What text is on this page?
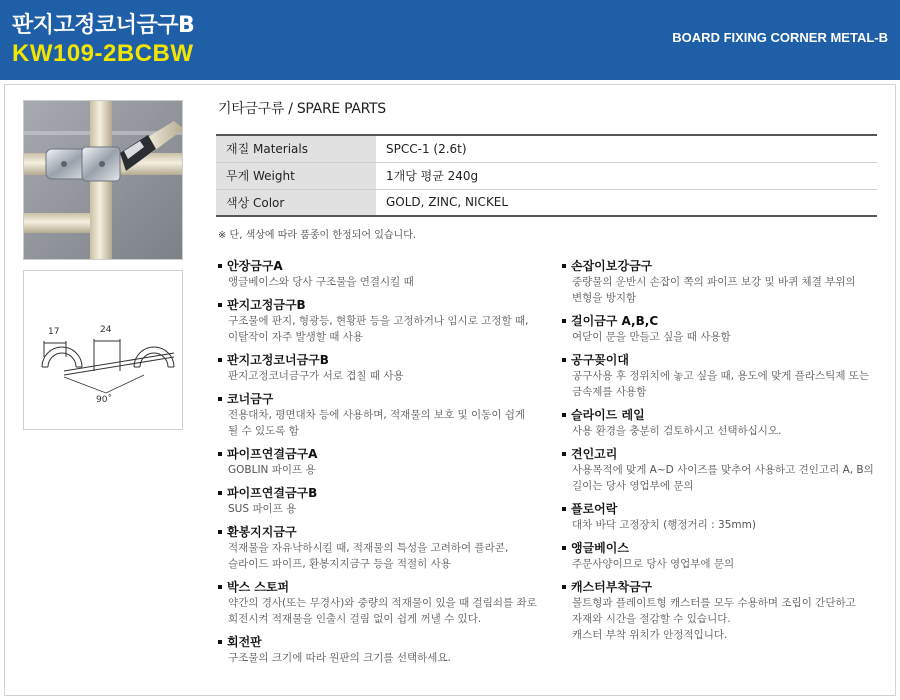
판지고정코너금구B
KW109-2BCBW
BOARD FIXING CORNER METAL-B
17	24
90˚
기타금구류 / SPARE PARTS
재질 Materials	SPCC-1 (2.6t)
무게 Weight	1개당 평균 240g
색상 Color	GOLD, ZINC, NICKEL
※ 단, 색상에 따라 품종이 한정되어 있습니다.
안장금구A
앵글베이스와 당사 구조물을 연결시킬 때
판지고정금구B
구조물에 판지, 형광등, 현황판 등을 고정하거나 임시로 고정할 때,
이탈작이 자주 발생할 때 사용
판지고정코너금구B
판지고정코너금구가 서로 겹칠 때 사용
코너금구
전용대차, 평면대차 등에 사용하며, 적재물의 보호 및 이동이 쉽게
될 수 있도록 함
파이프연결금구A
GOBLIN 파이프 용
파이프연결금구B
SUS 파이프 용
환봉지지금구
적재물을 자유낙하시킬 때, 적재물의 특성을 고려하여 플라콘,
슬라이드 파이프, 환봉지지금구 등을 적절히 사용
박스 스토퍼
약간의 경사(또는 무경사)와 중량의 적재물이 있을 때 걸림쇠를 좌로
회전시켜 적재물을 인출시 걸림 없이 쉽게 꺼낼 수 있다.
회전판
구조물의 크기에 따라 원판의 크기를 선택하세요.
손잡이보강금구
중량물의 운반시 손잡이 쪽의 파이프 보강 및 바퀴 체결 부위의
변형을 방지함
걸이금구 A,B,C
여닫이 문을 만들고 싶을 때 사용함
공구꽂이대
공구사용 후 정위치에 놓고 싶을 때, 용도에 맞게 플라스틱제 또는
금속제를 사용함
슬라이드 레일
사용 환경을 충분히 검토하시고 선택하십시오.
견인고리
사용목적에 맞게 A~D 사이즈를 맞추어 사용하고 견인고리 A, B의
길이는 당사 영업부에 문의
플로어락
대차 바닥 고정장치 (행정거리 : 35mm)
앵글베이스
주문사양이므로 당사 영업부에 문의
캐스터부착금구
볼트형과 플레이트형 캐스터를 모두 수용하며 조립이 간단하고
자재와 시간을 절감할 수 있습니다.
캐스터 부착 위치가 안정적입니다.
